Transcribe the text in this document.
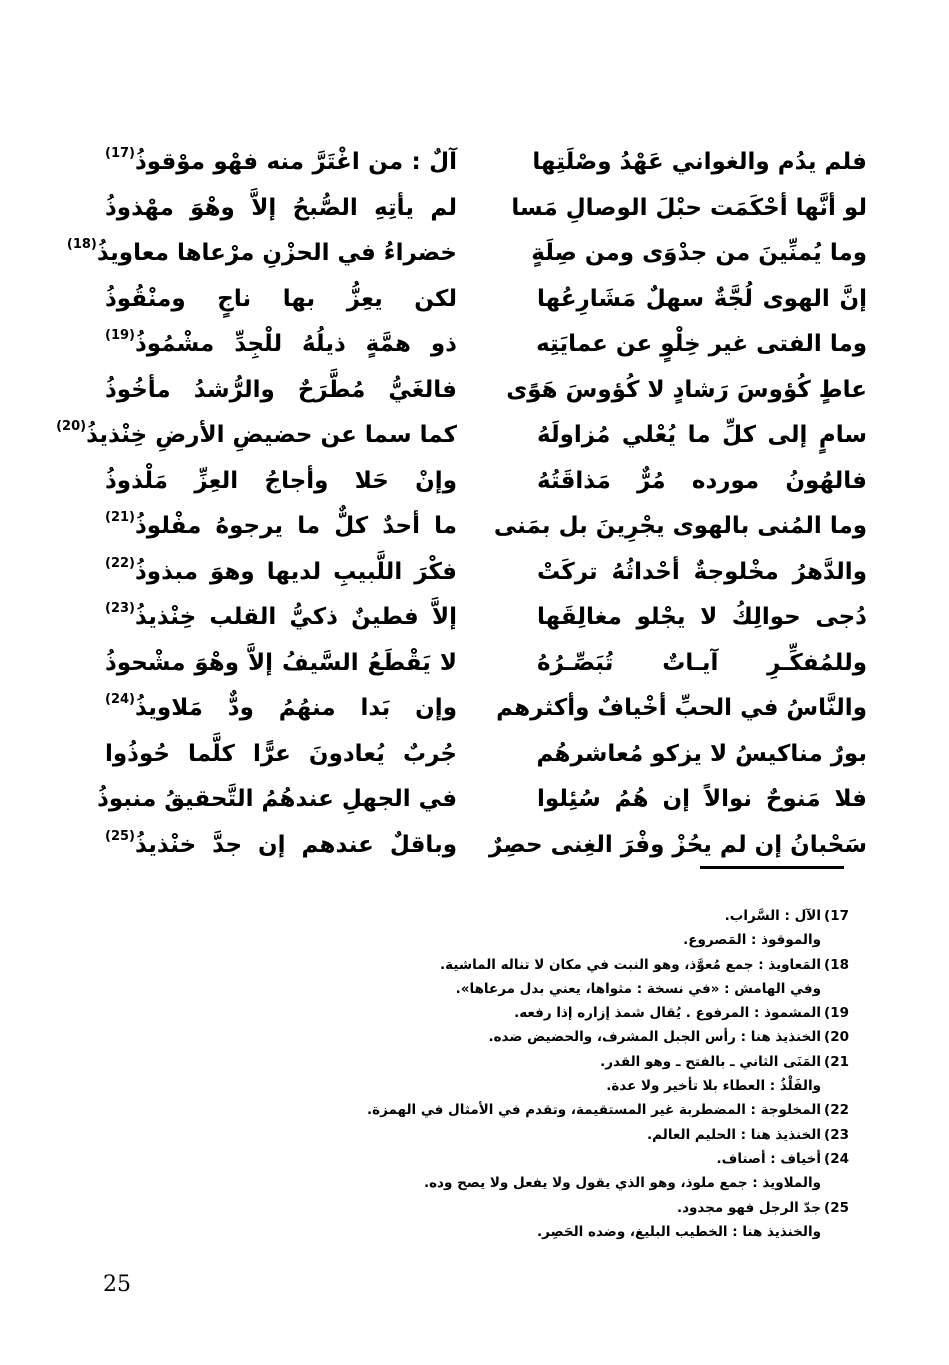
فلم يدُم والغواني عَهْدُ وصْلَتِها
لو أنَّها أحْكَمَت حبْلَ الوصالِ مَسا
وما يُمنِّينَ من جدْوَى ومن صِلَةٍ
إنَّ الهوى لُجَّةٌ سهلٌ مَشَارِعُها
وما الفتى غير خِلْوٍ عن عمايَتِه
عاطٍ كُؤوسَ رَشادٍ لا كُؤوسَ هَوًى
سامٍ إلى كلِّ ما يُعْلي مُزاولَهُ
فالهُونُ مورده مُرٌّ مَذاقَتُهُ
وما المُنى بالهوى يجْرِينَ بل بمَنى
والدَّهرُ مخْلوجةٌ أحْداثُهُ تركَتْ
دُجى حوالِكُ لا يجْلو مغالِقَها
وللمُفكِّـرِ آيـاتٌ تُبَصِّـرُهُ
والنَّاسُ في الحبِّ أخْيافٌ وأكثرهم
بورٌ مناكيسُ لا يزكو مُعاشرهُم
فلا مَنوحٌ نوالاً إن هُمُ سُئِلوا
سَحْبانُ إن لم يحُزْ وفْرَ الغِنى حصِرٌ
آلٌ : من اغْتَرَّ منه فهْو موْقوذُ$^{(17)}$
لم يأتِهِ الصُّبحُ إلاَّ وهْوَ مهْذوذُ
خضراءُ في الحزْنِ مرْعاها معاويذُ$^{(18)}$
لكن يعِزُّ بها ناجٍ ومنْقُوذُ
ذو همَّةٍ ذيلُهُ للْجِدِّ مشْمُوذُ$^{(19)}$
فالغَيُّ مُطَّرَحٌ والرُّشدُ مأخُوذُ
كما سما عن حضيضِ الأرضِ خِنْذيذُ$^{(20)}$
وإنْ حَلا وأجاجُ العِزِّ مَلْذوذُ
ما أحدٌ كلٌّ ما يرجوهُ مفْلوذُ$^{(21)}$
فكْرَ اللَّبيبِ لديها وهوَ مبذوذُ$^{(22)}$
إلاَّ فطينٌ ذكيُّ القلب خِنْذيذُ$^{(23)}$
لا يَقْطَعُ السَّيفُ إلاَّ وهْوَ مشْحوذُ
وإن بَدا منهُمُ ودٌّ مَلاويذُ$^{(24)}$
جُربٌ يُعادونَ عرًّا كلَّما حُوذُوا
في الجهلِ عندهُمُ التَّحقيقُ منبوذُ
وباقلٌ عندهم إن جدَّ خنْذيذُ$^{(25)}$
17)الآل : السَّراب.
والموقوذ : المَصروع.
18)المَعاويذ : جمع مُعوَّذ، وهو النبت في مكان لا تناله الماشية.
وفي الهامش : «في نسخة : مثواها، يعني بدل مرعاها».
19)المشموذ : المرفوع . يُقال شمذ إزاره إذا رفعه.
20)الخنذيذ هنا : رأس الجبل المشرف، والحضيض ضده.
21)المَنَى الثاني ـ بالفتح ـ وهو القدر.
والفَلْذُ : العطاء بلا تأخير ولا عدة.
22)المخلوجة : المضطربة غير المستقيمة، وتقدم في الأمثال في الهمزة.
23)الخنذيذ هنا : الحليم العالم.
24)أخياف : أصناف.
والملاويذ : جمع ملوذ، وهو الذي يقول ولا يفعل ولا يصح وده.
25)جدّ الرجل فهو مجدود.
والخنذيذ هنا : الخطيب البليغ، وضده الحَصِر.
25
